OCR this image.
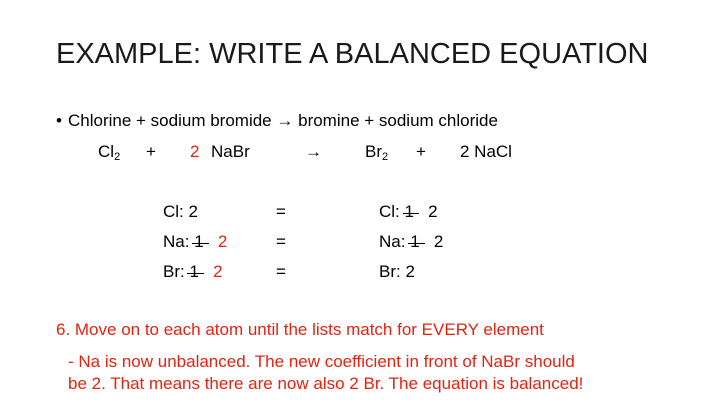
EXAMPLE: WRITE A BALANCED EQUATION
• Chlorine + sodium bromide → bromine + sodium chloride
$Cl_2 + 2$ NaBr	→	$Br_2 + 2$ NaCl
Cl: 2
Na: 1 2
Br: 1 2
=
=
=
Cl: 1 2
Na: 1 2
Br: 2
6. Move on to each atom until the lists match for EVERY element
- Na is now unbalanced. The new coefficient in front of NaBr should
be 2. That means there are now also 2 Br. The equation is balanced!
